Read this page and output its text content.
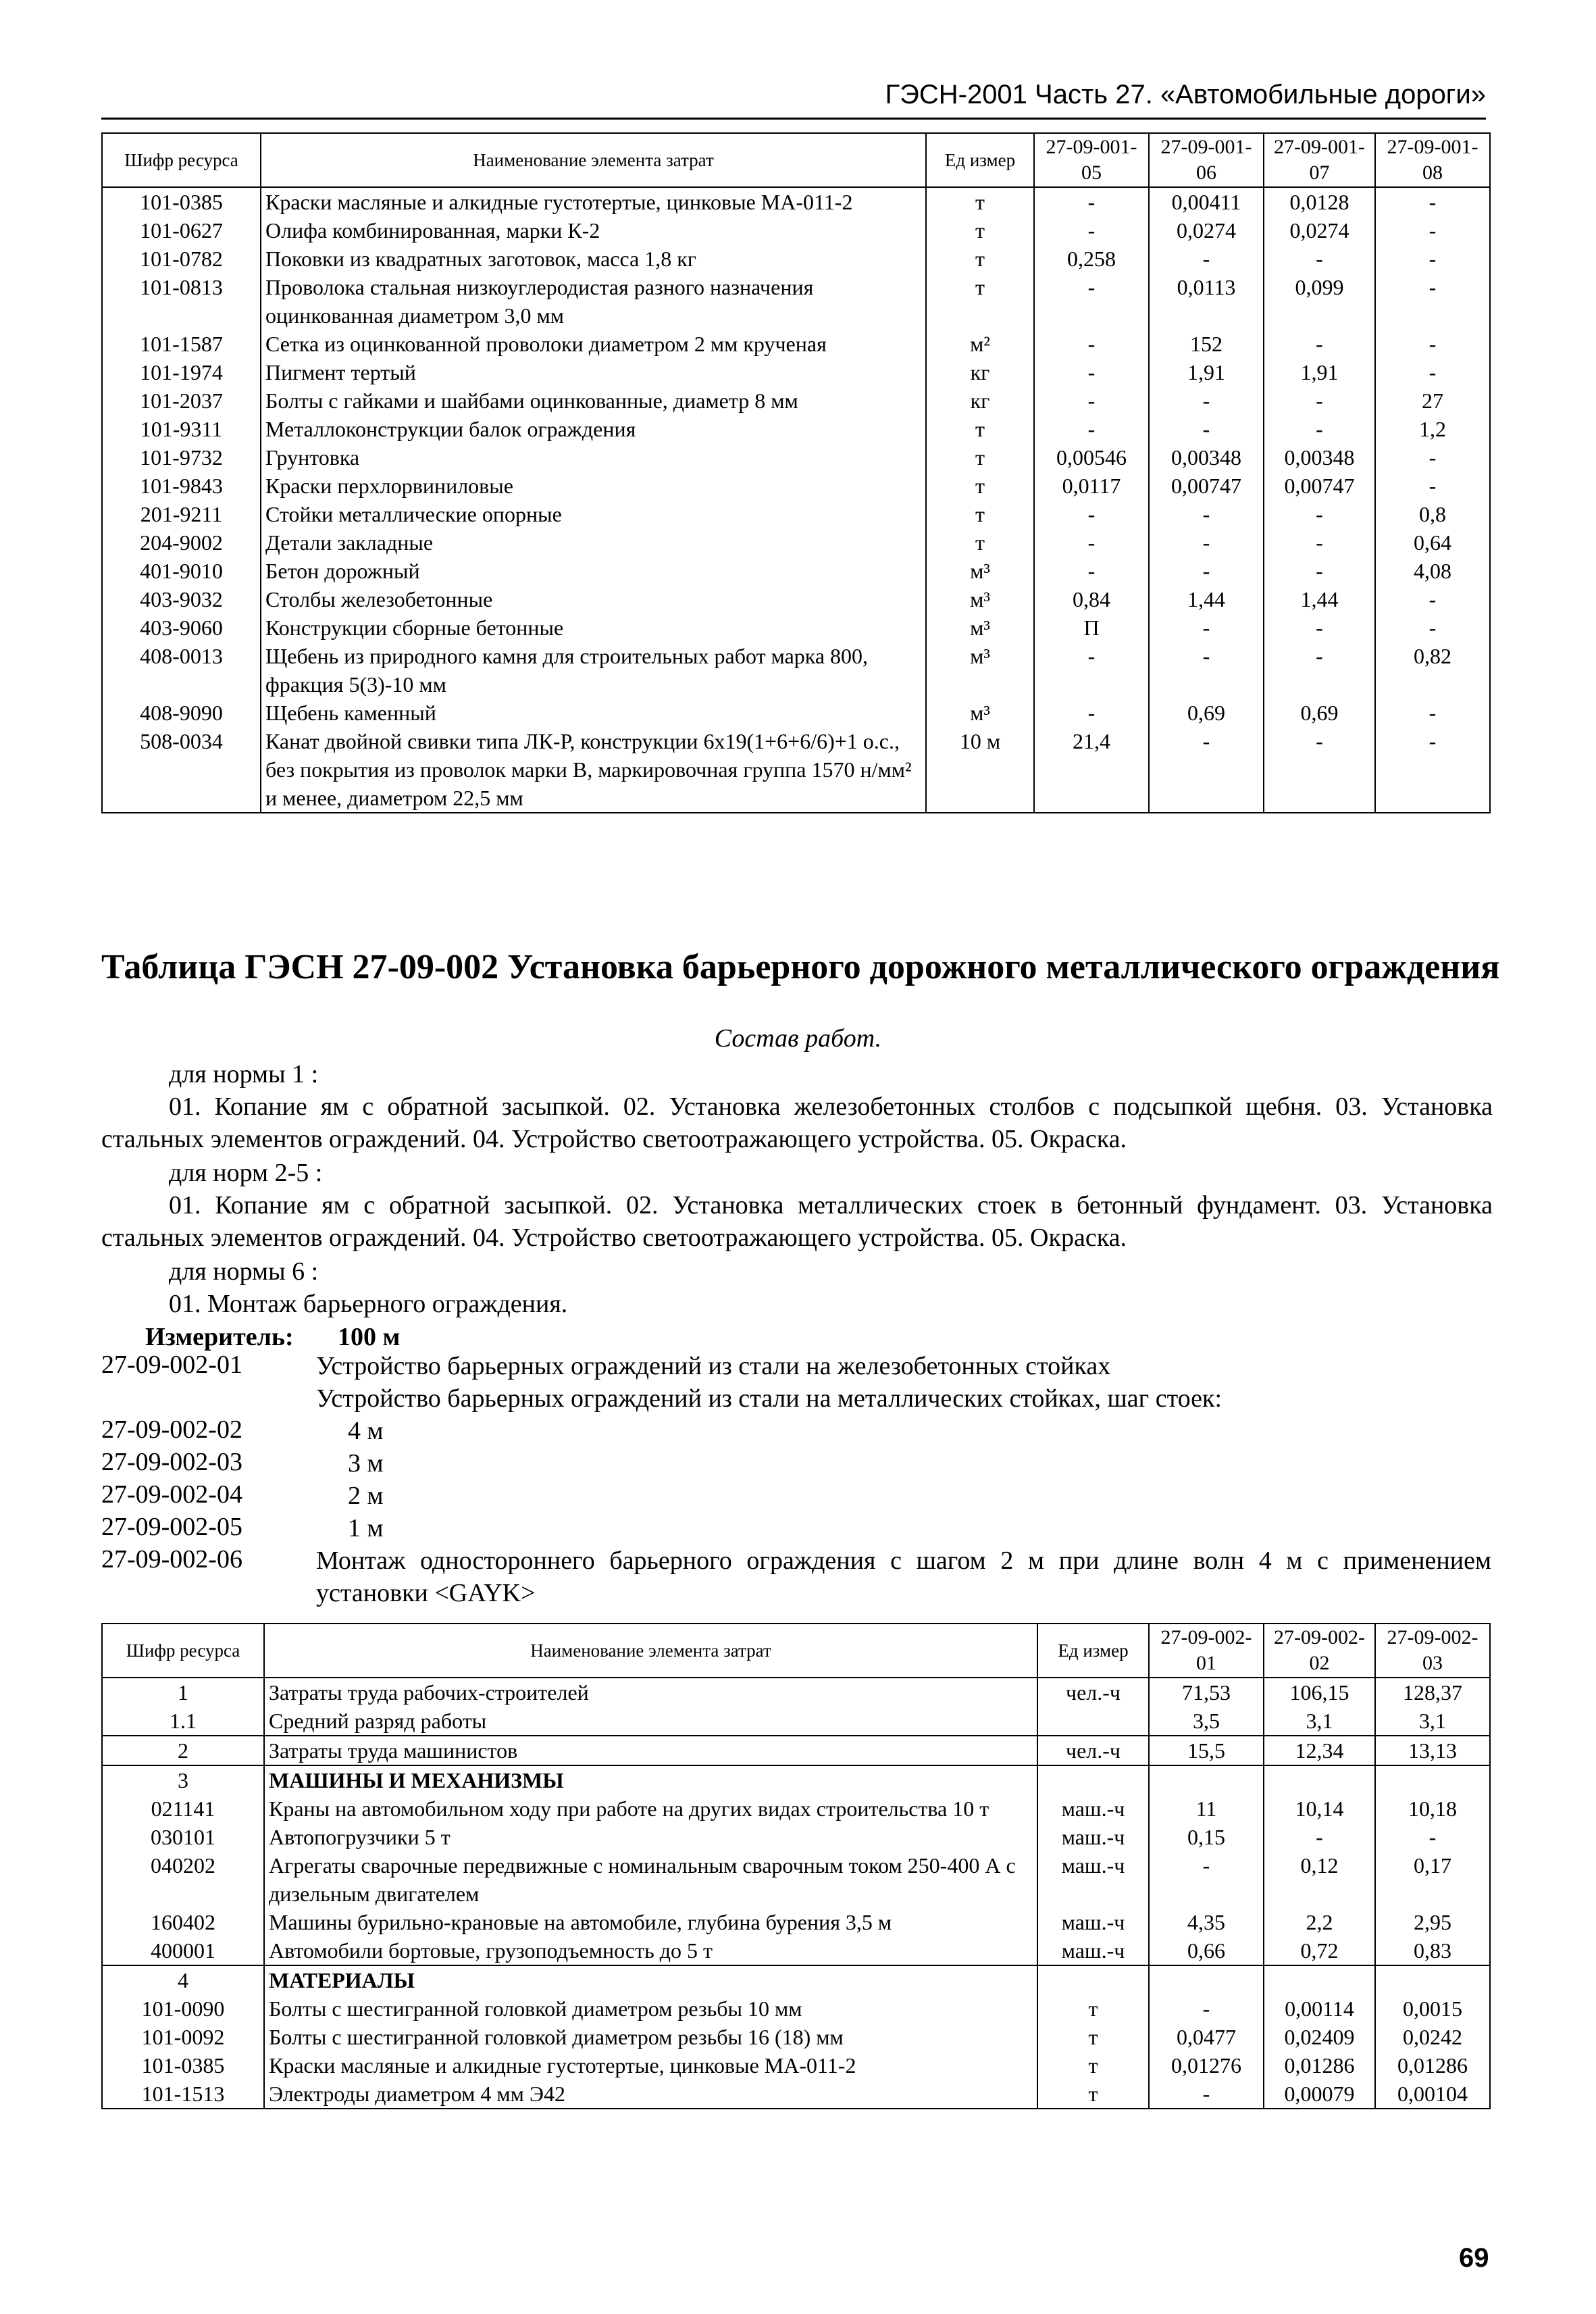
ГЭСН-2001 Часть 27. «Автомобильные дороги»
Шифр ресурса	Наименование элемента затрат	Ед измер	27-09-001-05	27-09-001-06	27-09-001-07	27-09-001-08
101-0385	Краски масляные и алкидные густотертые, цинковые МА-011-2	т	-	0,00411	0,0128	-
101-0627	Олифа комбинированная, марки К-2	т	-	0,0274	0,0274	-
101-0782	Поковки из квадратных заготовок, масса 1,8 кг	т	0,258	-	-	-
101-0813	Проволока стальная низкоуглеродистая разного назначения оцинкованная диаметром 3,0 мм	т	-	0,0113	0,099	-
101-1587	Сетка из оцинкованной проволоки диаметром 2 мм крученая	м²	-	152	-	-
101-1974	Пигмент тертый	кг	-	1,91	1,91	-
101-2037	Болты с гайками и шайбами оцинкованные, диаметр 8 мм	кг	-	-	-	27
101-9311	Металлоконструкции балок ограждения	т	-	-	-	1,2
101-9732	Грунтовка	т	0,00546	0,00348	0,00348	-
101-9843	Краски перхлорвиниловые	т	0,0117	0,00747	0,00747	-
201-9211	Стойки металлические опорные	т	-	-	-	0,8
204-9002	Детали закладные	т	-	-	-	0,64
401-9010	Бетон дорожный	м³	-	-	-	4,08
403-9032	Столбы железобетонные	м³	0,84	1,44	1,44	-
403-9060	Конструкции сборные бетонные	м³	П	-	-	-
408-0013	Щебень из природного камня для строительных работ марка 800, фракция 5(3)-10 мм	м³	-	-	-	0,82
408-9090	Щебень каменный	м³	-	0,69	0,69	-
508-0034	Канат двойной свивки типа ЛК-Р, конструкции 6х19(1+6+6/6)+1 о.с., без покрытия из проволок марки В, маркировочная группа 1570 н/мм² и менее, диаметром 22,5 мм	10 м	21,4	-	-	-
Таблица ГЭСН 27-09-002 Установка барьерного дорожного металлического ограждения
Состав работ.
для нормы 1 :
01. Копание ям с обратной засыпкой. 02. Установка железобетонных столбов с подсыпкой щебня. 03. Установка стальных элементов ограждений. 04. Устройство светоотражающего устройства. 05. Окраска.
для норм 2-5 :
01. Копание ям с обратной засыпкой. 02. Установка металлических стоек в бетонный фундамент. 03. Установка стальных элементов ограждений. 04. Устройство светоотражающего устройства. 05. Окраска.
для нормы 6 :
01. Монтаж барьерного ограждения.
Измеритель: 100 м
27-09-002-01	Устройство барьерных ограждений из стали на железобетонных стойках
Устройство барьерных ограждений из стали на металлических стойках, шаг стоек:
27-09-002-02	4 м
27-09-002-03	3 м
27-09-002-04	2 м
27-09-002-05	1 м
27-09-002-06	Монтаж одностороннего барьерного ограждения с шагом 2 м при длине волн 4 м с применением установки <GAYK>
Шифр ресурса	Наименование элемента затрат	Ед измер	27-09-002-01	27-09-002-02	27-09-002-03
1	Затраты труда рабочих-строителей	чел.-ч	71,53	106,15	128,37
1.1	Средний разряд работы		3,5	3,1	3,1
2	Затраты труда машинистов	чел.-ч	15,5	12,34	13,13
3	МАШИНЫ И МЕХАНИЗМЫ				
021141	Краны на автомобильном ходу при работе на других видах строительства 10 т	маш.-ч	11	10,14	10,18
030101	Автопогрузчики 5 т	маш.-ч	0,15	-	-
040202	Агрегаты сварочные передвижные с номинальным сварочным током 250-400 А с дизельным двигателем	маш.-ч	-	0,12	0,17
160402	Машины бурильно-крановые на автомобиле, глубина бурения 3,5 м	маш.-ч	4,35	2,2	2,95
400001	Автомобили бортовые, грузоподъемность до 5 т	маш.-ч	0,66	0,72	0,83
4	МАТЕРИАЛЫ				
101-0090	Болты с шестигранной головкой диаметром резьбы 10 мм	т	-	0,00114	0,0015
101-0092	Болты с шестигранной головкой диаметром резьбы 16 (18) мм	т	0,0477	0,02409	0,0242
101-0385	Краски масляные и алкидные густотертые, цинковые МА-011-2	т	0,01276	0,01286	0,01286
101-1513	Электроды диаметром 4 мм Э42	т	-	0,00079	0,00104
69
